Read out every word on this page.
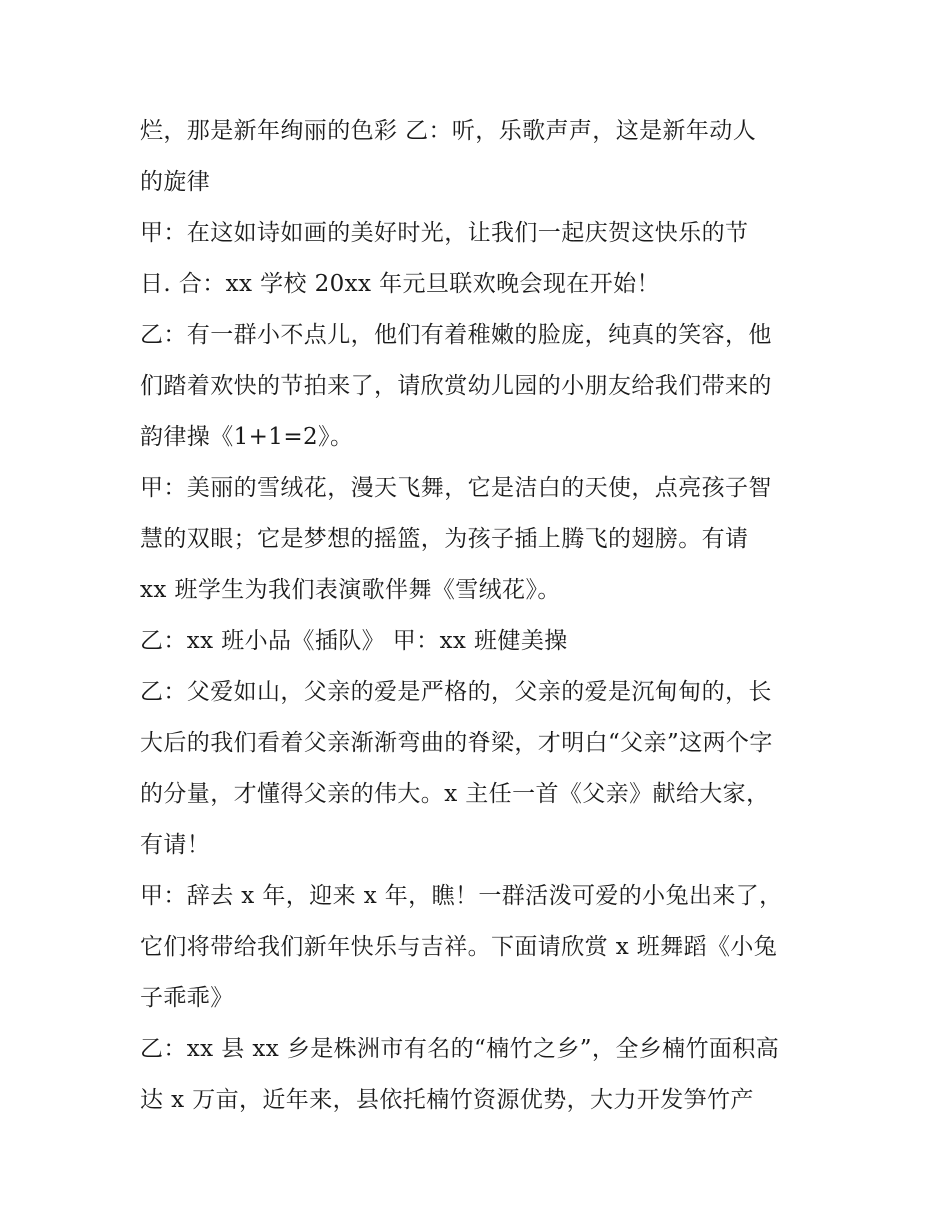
烂，那是新年绚丽的色彩 乙：听，乐歌声声，这是新年动人
的旋律
甲：在这如诗如画的美好时光，让我们一起庆贺这快乐的节
日. 合：xx 学校 20xx 年元旦联欢晚会现在开始！
乙：有一群小不点儿，他们有着稚嫩的脸庞，纯真的笑容，他
们踏着欢快的节拍来了，请欣赏幼儿园的小朋友给我们带来的
韵律操《1+1=2》。
甲：美丽的雪绒花，漫天飞舞，它是洁白的天使，点亮孩子智
慧的双眼；它是梦想的摇篮，为孩子插上腾飞的翅膀。有请
xx 班学生为我们表演歌伴舞《雪绒花》。
乙：xx 班小品《插队》 甲：xx 班健美操
乙：父爱如山，父亲的爱是严格的，父亲的爱是沉甸甸的，长
大后的我们看着父亲渐渐弯曲的脊梁，才明白“父亲”这两个字
的分量，才懂得父亲的伟大。x 主任一首《父亲》献给大家，
有请！
甲：辞去 x 年，迎来 x 年，瞧！一群活泼可爱的小兔出来了，
它们将带给我们新年快乐与吉祥。下面请欣赏 x 班舞蹈《小兔
子乖乖》
乙：xx 县 xx 乡是株洲市有名的“楠竹之乡”，全乡楠竹面积高
达 x 万亩，近年来，县依托楠竹资源优势，大力开发笋竹产
